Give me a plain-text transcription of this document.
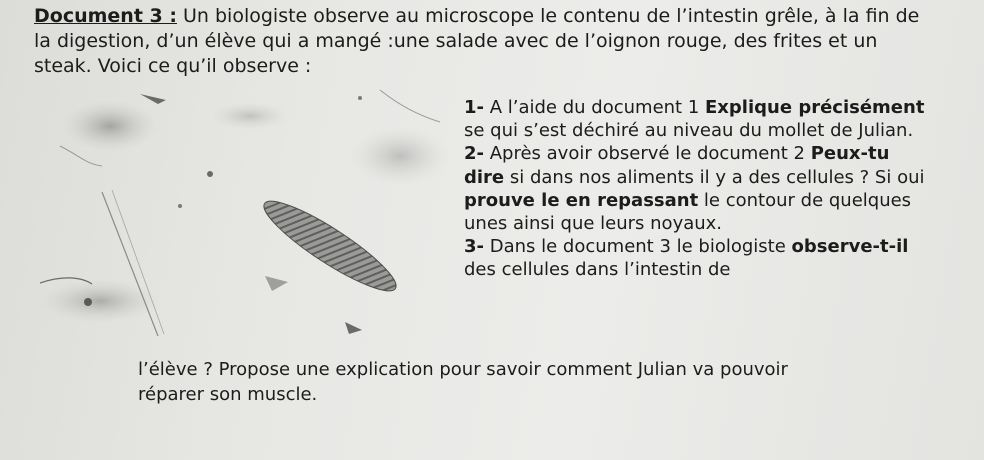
Document 3 : Un biologiste observe au microscope le contenu de l’intestin grêle, à la fin de la digestion, d’un élève qui a mangé :une salade avec de l’oignon rouge, des frites et un steak. Voici ce qu’il observe :

1- A l’aide du document 1 Explique précisément se qui s’est déchiré au niveau du mollet de Julian.
2- Après avoir observé le document 2 Peux-tu dire si dans nos aliments il y a des cellules ? Si oui prouve le en repassant le contour de quelques unes ainsi que leurs noyaux.
3- Dans le document 3 le biologiste observe-t-il des cellules dans l’intestin de

l’élève ? Propose une explication pour savoir comment Julian va pouvoir
réparer son muscle.
